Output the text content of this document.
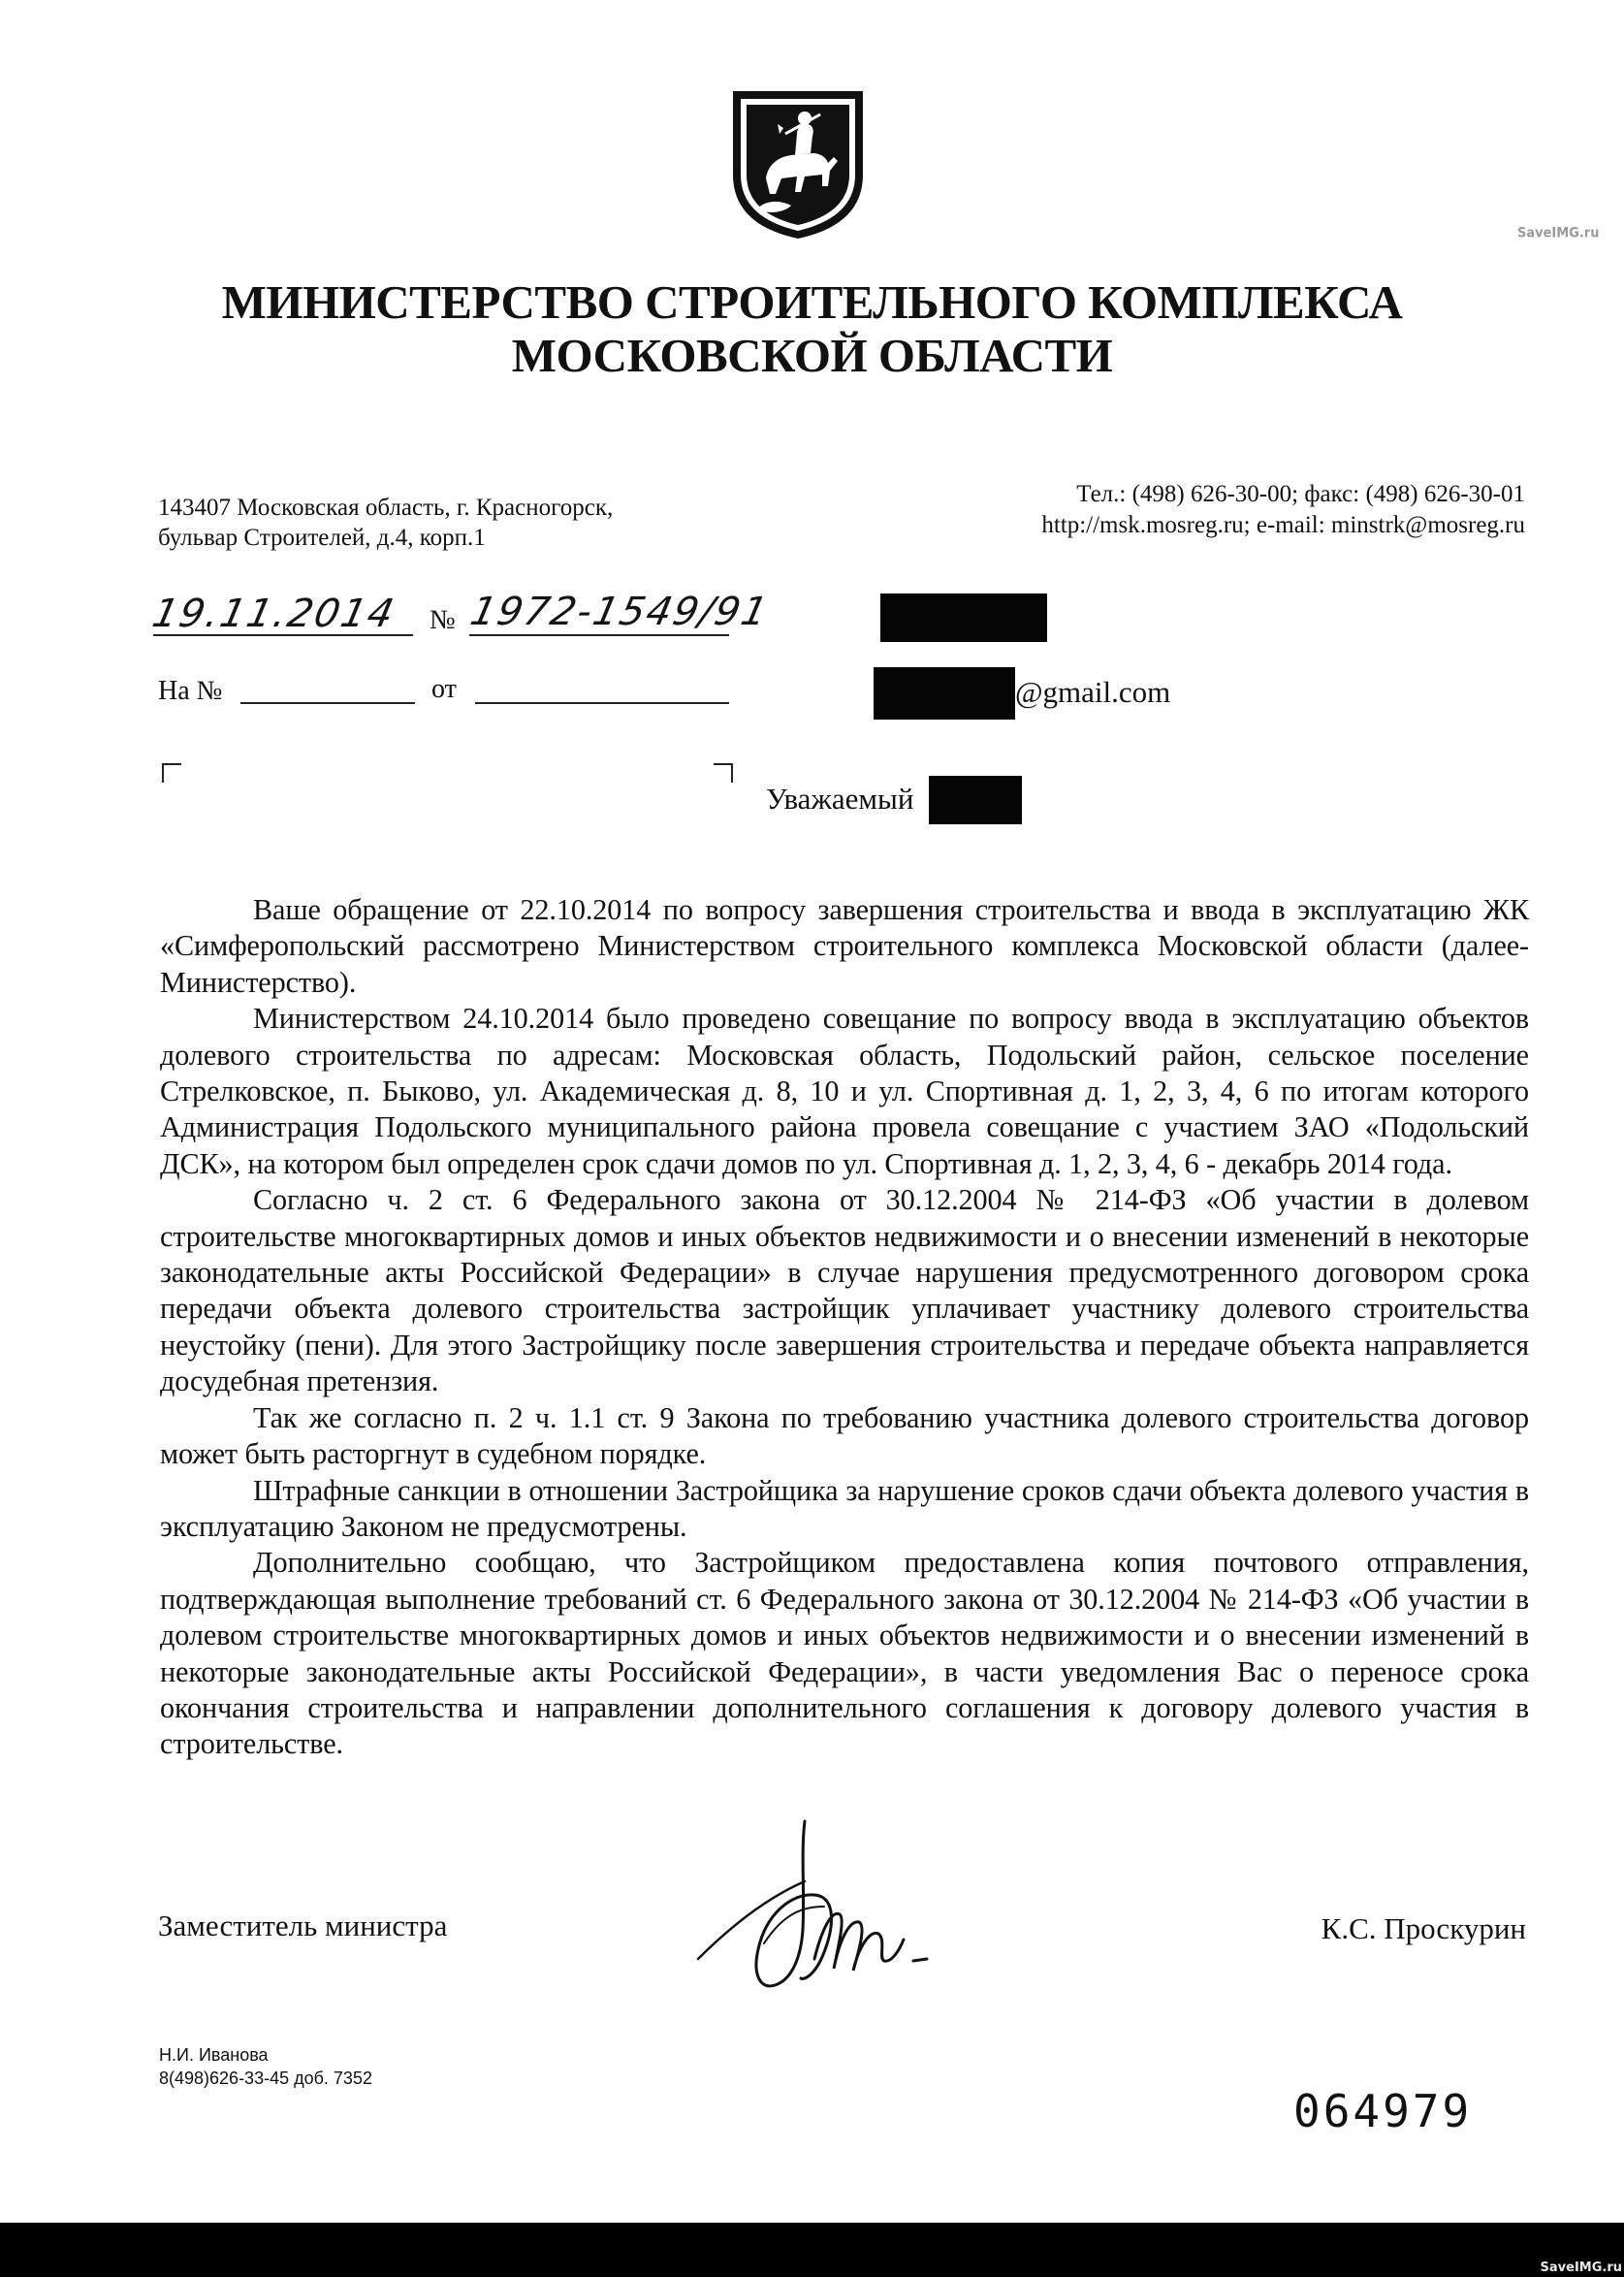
SaveIMG.ru
МИНИСТЕРСТВО СТРОИТЕЛЬНОГО КОМПЛЕКСА
МОСКОВСКОЙ ОБЛАСТИ
143407 Московская область, г. Красногорск,
бульвар Строителей, д.4, корп.1
Тел.: (498) 626-30-00; факс: (498) 626-30-01
http://msk.mosreg.ru; e-mail: minstrk@mosreg.ru
19.11.2014 № 1972-1549/91
На №	от	@gmail.com
Уважаемый

Ваше обращение от 22.10.2014 по вопросу завершения строительства и ввода в эксплуатацию ЖК «Симферопольский рассмотрено Министерством строительного комплекса Московской области (далее-Министерство).

Министерством 24.10.2014 было проведено совещание по вопросу ввода в эксплуатацию объектов долевого строительства по адресам: Московская область, Подольский район, сельское поселение Стрелковское, п. Быково, ул. Академическая д. 8, 10 и ул. Спортивная д. 1, 2, 3, 4, 6 по итогам которого Администрация Подольского муниципального района провела совещание с участием ЗАО «Подольский ДСК», на котором был определен срок сдачи домов по ул. Спортивная д. 1, 2, 3, 4, 6 - декабрь 2014 года.

Согласно ч. 2 ст. 6 Федерального закона от 30.12.2004 № 214-ФЗ «Об участии в долевом строительстве многоквартирных домов и иных объектов недвижимости и о внесении изменений в некоторые законодательные акты Российской Федерации» в случае нарушения предусмотренного договором срока передачи объекта долевого строительства застройщик уплачивает участнику долевого строительства неустойку (пени). Для этого Застройщику после завершения строительства и передаче объекта направляется досудебная претензия.

Так же согласно п. 2 ч. 1.1 ст. 9 Закона по требованию участника долевого строительства договор может быть расторгнут в судебном порядке.

Штрафные санкции в отношении Застройщика за нарушение сроков сдачи объекта долевого участия в эксплуатацию Законом не предусмотрены.

Дополнительно сообщаю, что Застройщиком предоставлена копия почтового отправления, подтверждающая выполнение требований ст. 6 Федерального закона от 30.12.2004 № 214-ФЗ «Об участии в долевом строительстве многоквартирных домов и иных объектов недвижимости и о внесении изменений в некоторые законодательные акты Российской Федерации», в части уведомления Вас о переносе срока окончания строительства и направлении дополнительного соглашения к договору долевого участия в строительстве.

Заместитель министра	К.С. Проскурин
Н.И. Иванова
8(498)626-33-45 доб. 7352
064979
SaveIMG.ru
